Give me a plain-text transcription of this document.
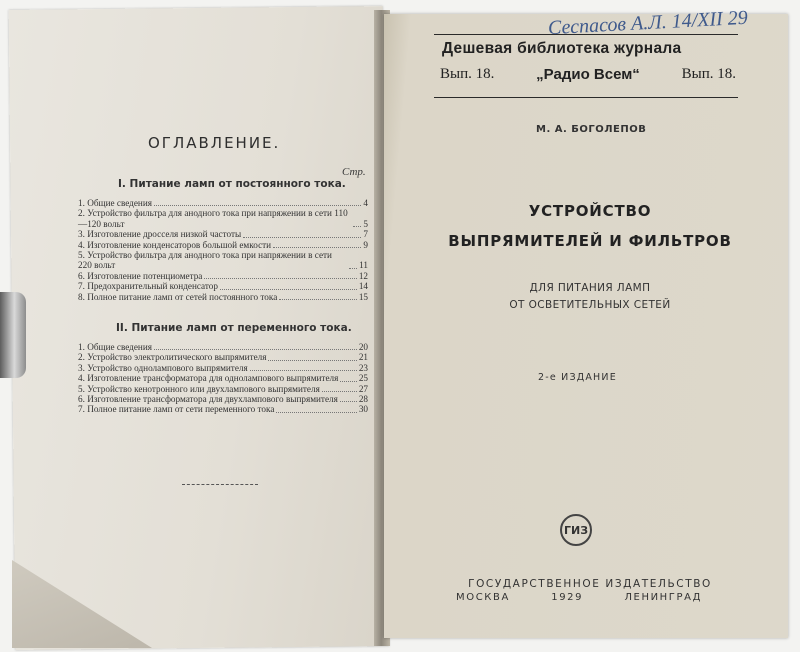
ОГЛАВЛЕНИЕ.
Стр.
I. Питание ламп от постоянного тока.
1. Общие сведения	4
2. Устройство фильтра для анодного тока при напряжении в сети 110—120 вольт	5
3. Изготовление дросселя низкой частоты	7
4. Изготовление конденсаторов большой емкости	9
5. Устройство фильтра для анодного тока при напряжении в сети 220 вольт	11
6. Изготовление потенциометра	12
7. Предохранительный конденсатор	14
8. Полное питание ламп от сетей постоянного тока	15
II. Питание ламп от переменного тока.
1. Общие сведения	20
2. Устройство электролитического выпрямителя	21
3. Устройство однолампового выпрямителя	23
4. Изготовление трансформатора для однолампового выпрямителя 25
5. Устройство кенотронного или двухлампового выпрямителя	27
6. Изготовление трансформатора для двухлампового выпрямителя 28
7. Полное питание ламп от сети переменного тока	30
Сеспасов А.Л. 14/XII 29
Дешевая библиотека журнала
Вып. 18.	„Радио Всем“	Вып. 18.
М. А. БОГОЛЕПОВ
УСТРОЙСТВО
ВЫПРЯМИТЕЛЕЙ И ФИЛЬТРОВ
ДЛЯ ПИТАНИЯ ЛАМП
ОТ ОСВЕТИТЕЛЬНЫХ СЕТЕЙ
2-е ИЗДАНИЕ
ГИЗ
ГОСУДАРСТВЕННОЕ ИЗДАТЕЛЬСТВО
МОСКВА	1929	ЛЕНИНГРАД
